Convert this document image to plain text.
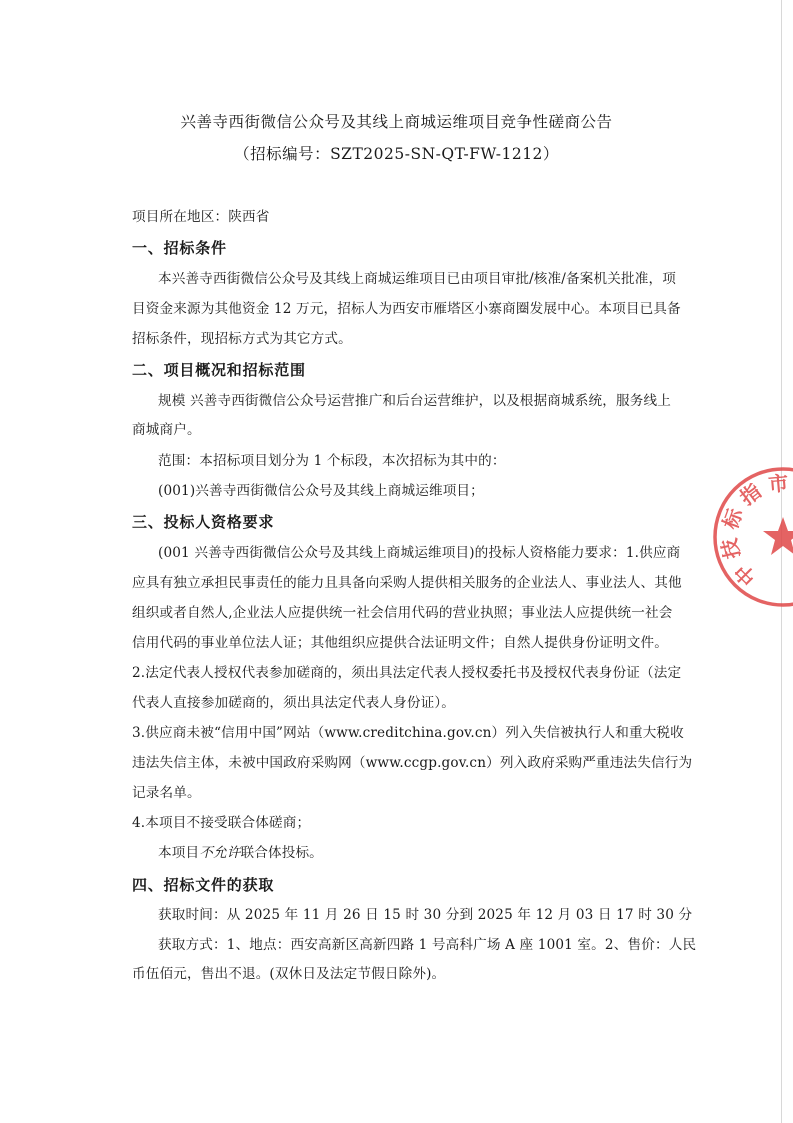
兴善寺西街微信公众号及其线上商城运维项目竞争性磋商公告
（招标编号：SZT2025-SN-QT-FW-1212）
项目所在地区：陕西省
一、招标条件
本兴善寺西街微信公众号及其线上商城运维项目已由项目审批/核准/备案机关批准，项
目资金来源为其他资金 12 万元，招标人为西安市雁塔区小寨商圈发展中心。本项目已具备
招标条件，现招标方式为其它方式。
二、项目概况和招标范围
规模 兴善寺西街微信公众号运营推广和后台运营维护，以及根据商城系统，服务线上
商城商户。
范围：本招标项目划分为 1 个标段，本次招标为其中的：
(001)兴善寺西街微信公众号及其线上商城运维项目；
三、投标人资格要求
(001 兴善寺西街微信公众号及其线上商城运维项目)的投标人资格能力要求：1.供应商
应具有独立承担民事责任的能力且具备向采购人提供相关服务的企业法人、事业法人、其他
组织或者自然人,企业法人应提供统一社会信用代码的营业执照；事业法人应提供统一社会
信用代码的事业单位法人证；其他组织应提供合法证明文件；自然人提供身份证明文件。
2.法定代表人授权代表参加磋商的，须出具法定代表人授权委托书及授权代表身份证（法定
代表人直接参加磋商的，须出具法定代表人身份证）。
3.供应商未被“信用中国”网站（www.creditchina.gov.cn）列入失信被执行人和重大税收
违法失信主体，未被中国政府采购网（www.ccgp.gov.cn）列入政府采购严重违法失信行为
记录名单。
4.本项目不接受联合体磋商；
本项目不允许联合体投标。
四、招标文件的获取
获取时间：从 2025 年 11 月 26 日 15 时 30 分到 2025 年 12 月 03 日 17 时 30 分
获取方式：1、地点：西安高新区高新四路 1 号高科广场 A 座 1001 室。2、售价：人民
币伍佰元，售出不退。(双休日及法定节假日除外)。
市
指
标
技
中
